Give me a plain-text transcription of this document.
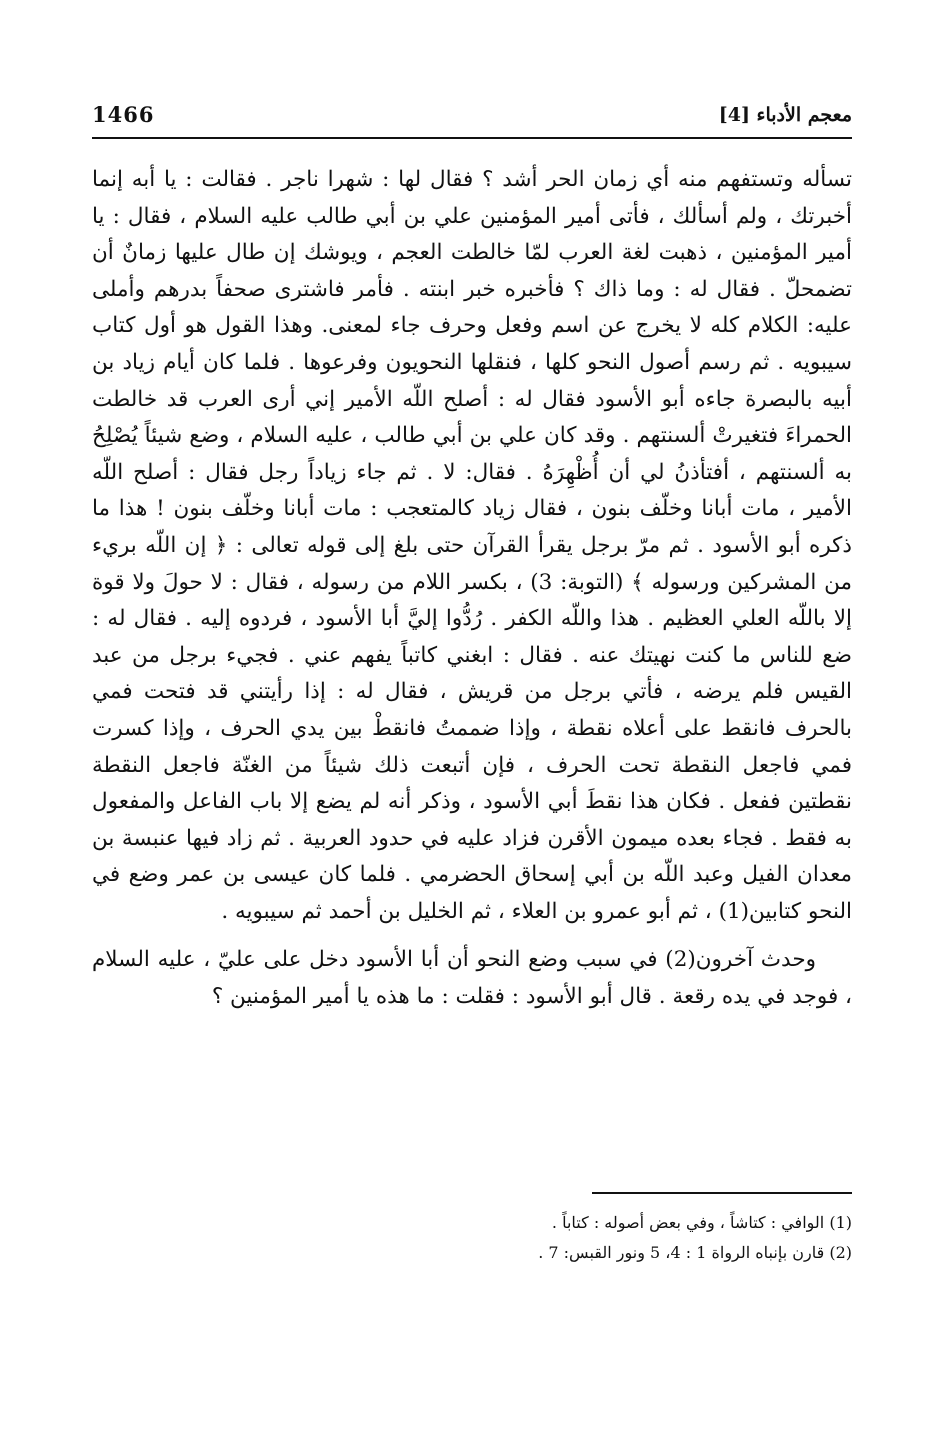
معجم الأدباء [4]
1466

تسأله وتستفهم منه أي زمان الحر أشد ؟ فقال لها : شهرا ناجر . فقالت : يا أبه إنما أخبرتك ، ولم أسألك ، فأتى أمير المؤمنين علي بن أبي طالب عليه السلام ، فقال : يا أمير المؤمنين ، ذهبت لغة العرب لمّا خالطت العجم ، ويوشك إن طال عليها زمانٌ أن تضمحلّ . فقال له : وما ذاك ؟ فأخبره خبر ابنته . فأمر فاشترى صحفاً بدرهم وأملى عليه: الكلام كله لا يخرج عن اسم وفعل وحرف جاء لمعنى. وهذا القول هو أول كتاب سيبويه . ثم رسم أصول النحو كلها ، فنقلها النحويون وفرعوها . فلما كان أيام زياد بن أبيه بالبصرة جاءه أبو الأسود فقال له : أصلح اللّه الأمير إني أرى العرب قد خالطت الحمراءَ فتغيرتْ ألسنتهم . وقد كان علي بن أبي طالب ، عليه السلام ، وضع شيئاً يُصْلِحُ به ألسنتهم ، أفتأذنُ لي أن أُظْهِرَهُ . فقال: لا . ثم جاء زياداً رجل فقال : أصلح اللّه الأمير ، مات أبانا وخلّف بنون ، فقال زياد كالمتعجب : مات أبانا وخلّف بنون ! هذا ما ذكره أبو الأسود . ثم مرّ برجل يقرأ القرآن حتى بلغ إلى قوله تعالى : ﴿ إن اللّه بريء من المشركين ورسوله ﴾ (التوبة: 3) ، بكسر اللام من رسوله ، فقال : لا حولَ ولا قوة إلا باللّه العلي العظيم . هذا واللّه الكفر . رُدُّوا إليَّ أبا الأسود ، فردوه إليه . فقال له : ضع للناس ما كنت نهيتك عنه . فقال : ابغني كاتباً يفهم عني . فجيء برجل من عبد القيس فلم يرضه ، فأتي برجل من قريش ، فقال له : إذا رأيتني قد فتحت فمي بالحرف فانقط على أعلاه نقطة ، وإذا ضممتُ فانقطْ بين يدي الحرف ، وإذا كسرت فمي فاجعل النقطة تحت الحرف ، فإن أتبعت ذلك شيئاً من الغنّة فاجعل النقطة نقطتين ففعل . فكان هذا نقطَ أبي الأسود ، وذكر أنه لم يضع إلا باب الفاعل والمفعول به فقط . فجاء بعده ميمون الأقرن فزاد عليه في حدود العربية . ثم زاد فيها عنبسة بن معدان الفيل وعبد اللّه بن أبي إسحاق الحضرمي . فلما كان عيسى بن عمر وضع في النحو كتابين(1) ، ثم أبو عمرو بن العلاء ، ثم الخليل بن أحمد ثم سيبويه .

وحدث آخرون(2) في سبب وضع النحو أن أبا الأسود دخل على عليّ ، عليه السلام ، فوجد في يده رقعة . قال أبو الأسود : فقلت : ما هذه يا أمير المؤمنين ؟

(1) الوافي : كتاشاً ، وفي بعض أصوله : كتاباً .
(2) قارن بإنباه الرواة 1 : 4، 5 ونور القبس: 7 .
